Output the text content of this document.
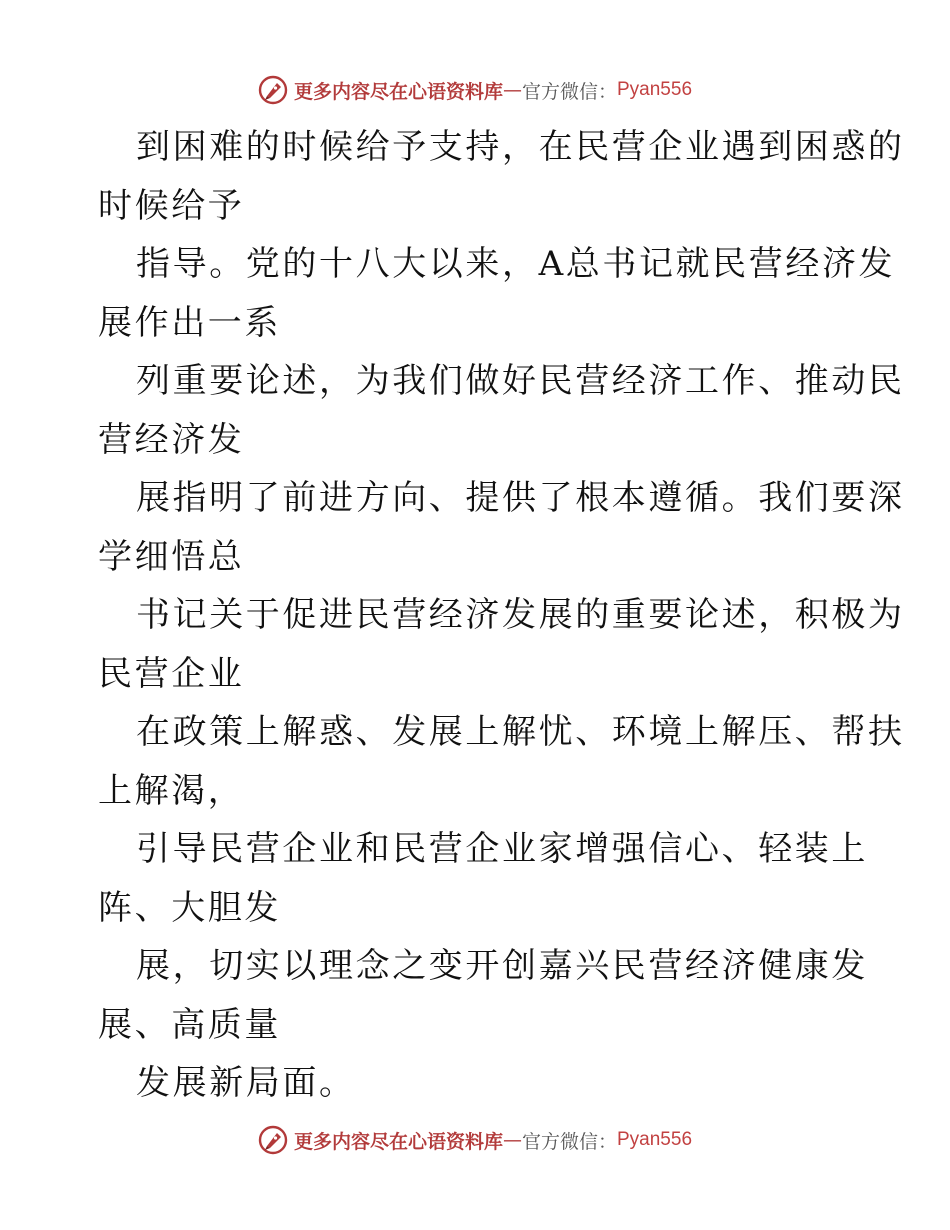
更多内容尽在心语资料库 — 官方微信： Pyan556
到困难的时候给予支持，在民营企业遇到困惑的
时候给予
指导。党的十八大以来，A总书记就民营经济发
展作出一系
列重要论述，为我们做好民营经济工作、推动民
营经济发
展指明了前进方向、提供了根本遵循。我们要深
学细悟总
书记关于促进民营经济发展的重要论述，积极为
民营企业
在政策上解惑、发展上解忧、环境上解压、帮扶
上解渴，
引导民营企业和民营企业家增强信心、轻装上
阵、大胆发
展，切实以理念之变开创嘉兴民营经济健康发
展、高质量
发展新局面。
更多内容尽在心语资料库 — 官方微信： Pyan556
